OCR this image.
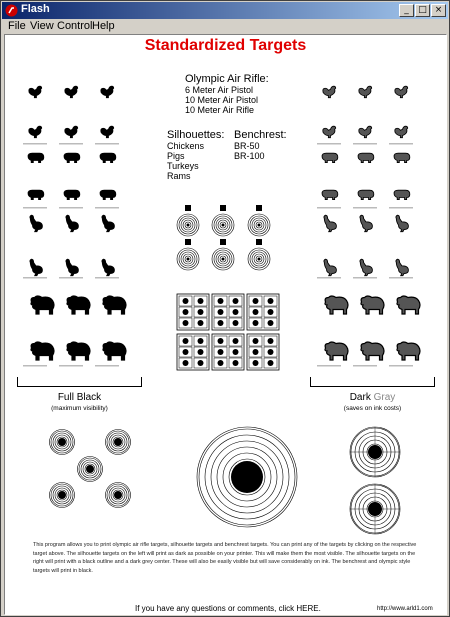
Flash	_	□ ×
File View Control Help
Standardized Targets
Olympic Air Rifle:
6 Meter Air Pistol
10 Meter Air Pistol
10 Meter Air Rifle
Silhouettes:
Chickens
Pigs
Turkeys
Rams
Benchrest:
BR-50
BR-100
Full Black
(maximum visibility)
Dark Gray
(saves on ink costs)
This program allows you to print olympic air rifle targets, silhouette targets and benchrest targets. You can print any of the targets by clicking on the respective target above. The silhouette targets on the left will print as dark as possible on your printer. This will make them the most visible. The silhouette targets on the right will print with a black outline and a dark grey center. These will also be easily visible but will save considerably on ink. The benchrest and olympic style targets will print in black.
If you have any questions or comments, click HERE.	http://www.arld1.com
